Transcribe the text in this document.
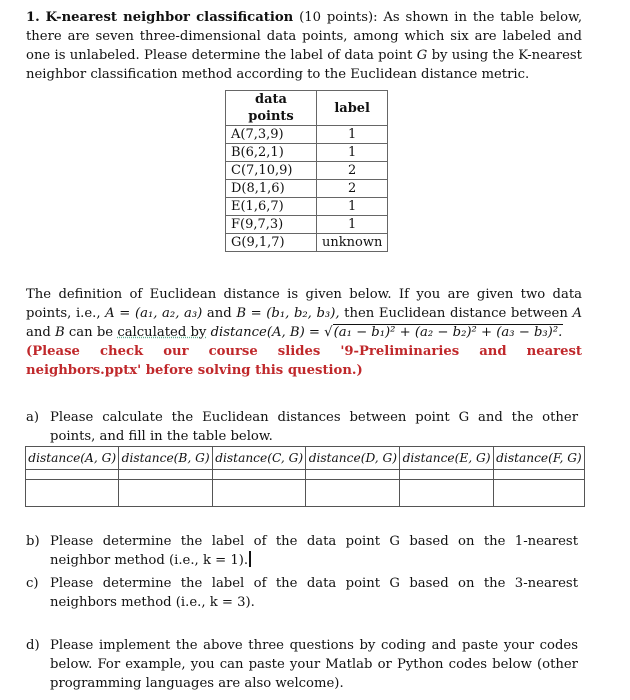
1. K-nearest neighbor classification (10 points): As shown in the table below, there are seven three-dimensional data points, among which six are labeled and one is unlabeled. Please determine the label of data point G by using the K-nearest neighbor classification method according to the Euclidean distance metric.
data points	label
A(7,3,9)	1
B(6,2,1)	1
C(7,10,9)	2
D(8,1,6)	2
E(1,6,7)	1
F(9,7,3)	1
G(9,1,7)	unknown
The definition of Euclidean distance is given below. If you are given two data points, i.e., A = (a₁, a₂, a₃) and B = (b₁, b₂, b₃), then Euclidean distance between A and B can be calculated by distance(A, B) = √(a₁ − b₁)² + (a₂ − b₂)² + (a₃ − b₃)².
(Please check our course slides '9-Preliminaries and nearest neighbors.pptx' before solving this question.)
a) Please calculate the Euclidean distances between point G and the other points, and fill in the table below.
distance(A, G)	distance(B, G)	distance(C, G)	distance(D, G)	distance(E, G)	distance(F, G)

b) Please determine the label of the data point G based on the 1-nearest neighbor method (i.e., k = 1).
c) Please determine the label of the data point G based on the 3-nearest neighbors method (i.e., k = 3).
d) Please implement the above three questions by coding and paste your codes below. For example, you can paste your Matlab or Python codes below (other programming languages are also welcome).
